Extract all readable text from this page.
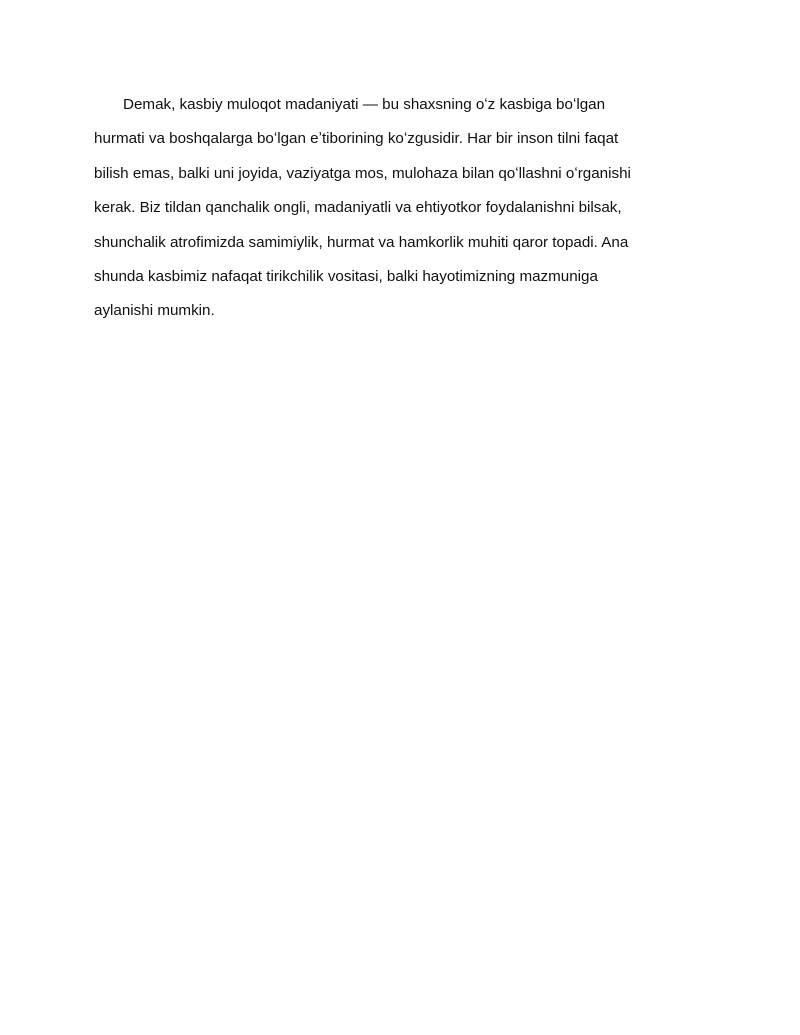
Demak, kasbiy muloqot madaniyati — bu shaxsning oʻz kasbiga boʻlgan
hurmati va boshqalarga boʻlgan eʼtiborining koʻzgusidir. Har bir inson tilni faqat
bilish emas, balki uni joyida, vaziyatga mos, mulohaza bilan qoʻllashni oʻrganishi
kerak. Biz tildan qanchalik ongli, madaniyatli va ehtiyotkor foydalanishni bilsak,
shunchalik atrofimizda samimiylik, hurmat va hamkorlik muhiti qaror topadi. Ana
shunda kasbimiz nafaqat tirikchilik vositasi, balki hayotimizning mazmuniga
aylanishi mumkin.
